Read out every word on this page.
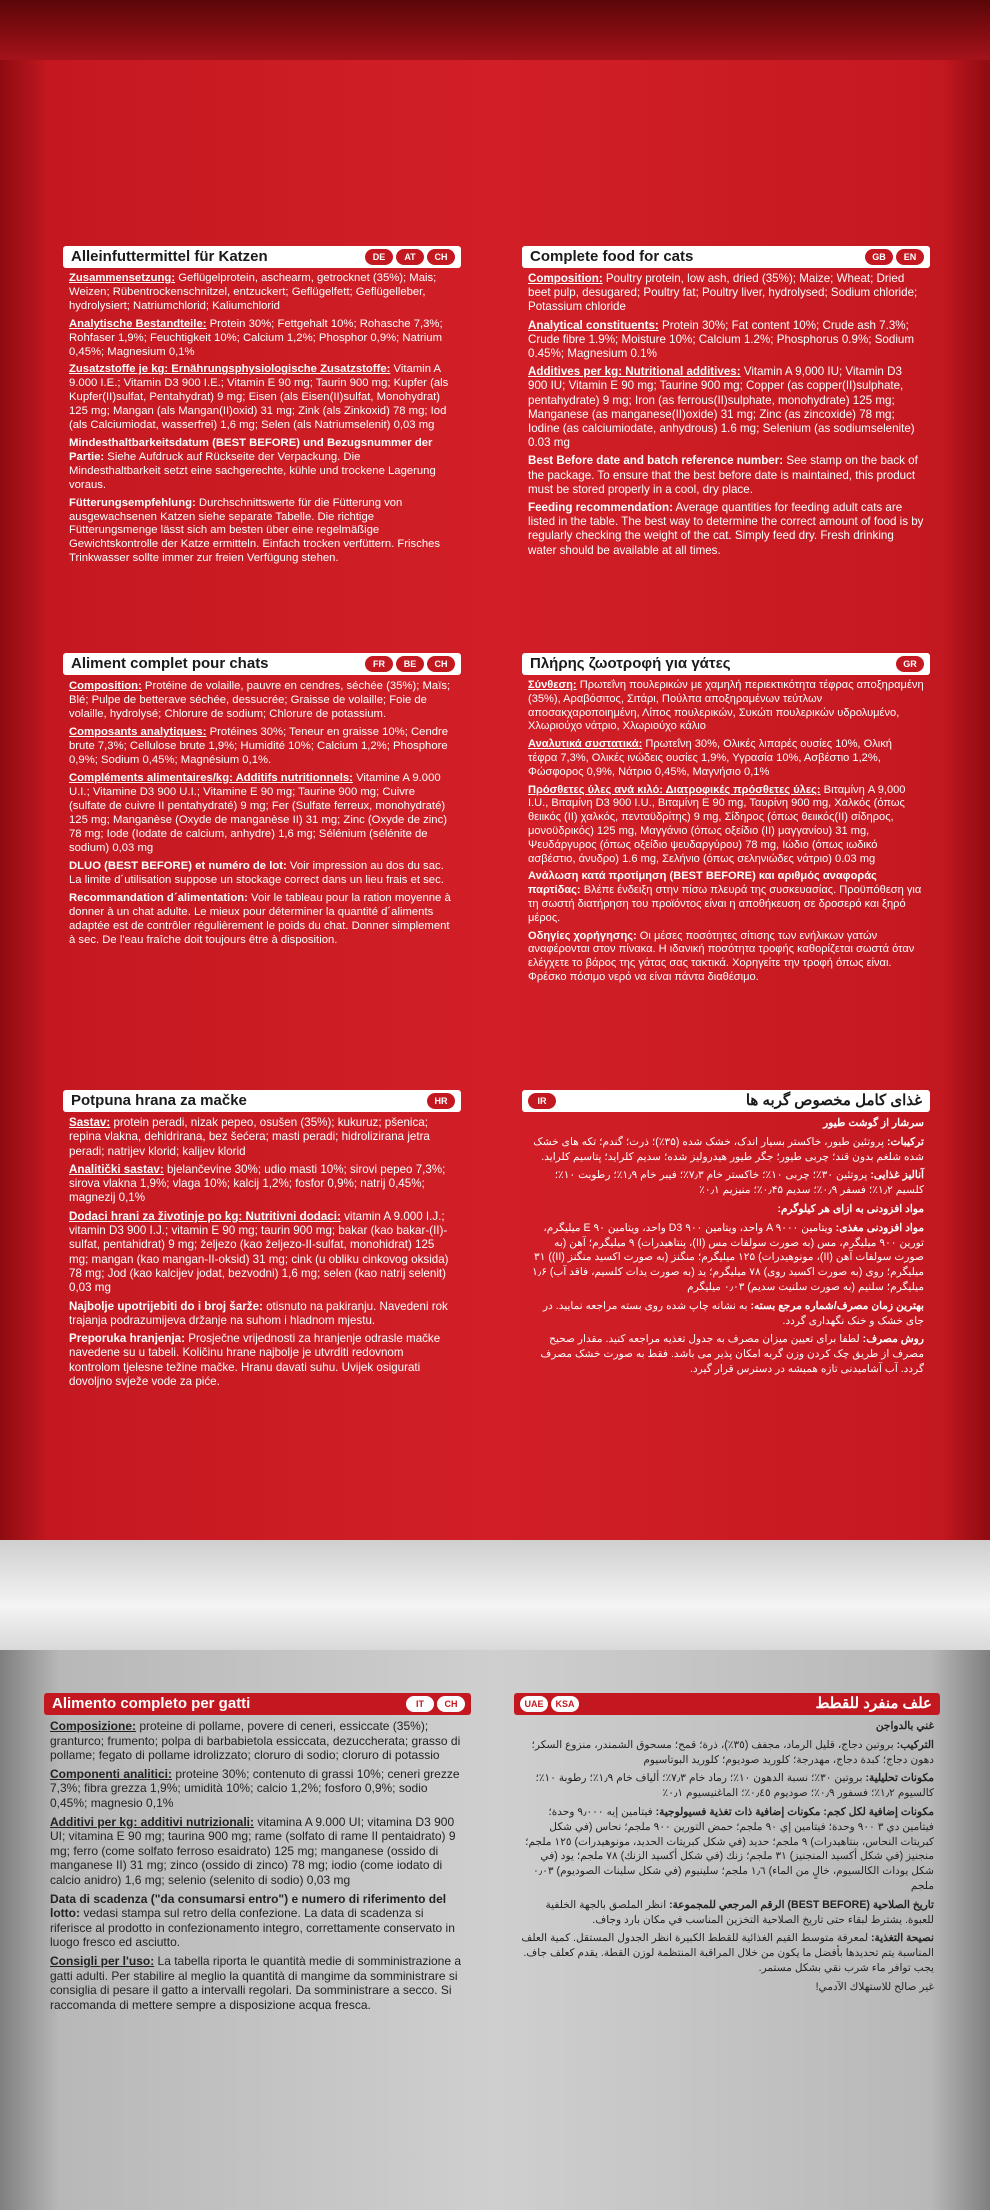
Alleinfuttermittel für Katzen	DE	AT	CH

Zusammensetzung: Geflügelprotein, aschearm, getrocknet (35%); Mais; Weizen; Rübentrockenschnitzel, entzuckert; Geflügelfett; Geflügelleber, hydrolysiert; Natriumchlorid; Kaliumchlorid

Analytische Bestandteile: Protein 30%; Fettgehalt 10%; Rohasche 7,3%; Rohfaser 1,9%; Feuchtigkeit 10%; Calcium 1,2%; Phosphor 0,9%; Natrium 0,45%; Magnesium 0,1%

Zusatzstoffe je kg: Ernährungsphysiologische Zusatzstoffe: Vitamin A 9.000 I.E.; Vitamin D3 900 I.E.; Vitamin E 90 mg; Taurin 900 mg; Kupfer (als Kupfer(II)sulfat, Pentahydrat) 9 mg; Eisen (als Eisen(II)sulfat, Monohydrat) 125 mg; Mangan (als Mangan(II)oxid) 31 mg; Zink (als Zinkoxid) 78 mg; Iod (als Calciumiodat, wasserfrei) 1,6 mg; Selen (als Natriumselenit) 0,03 mg

Mindesthaltbarkeitsdatum (BEST BEFORE) und Bezugsnummer der Partie: Siehe Aufdruck auf Rückseite der Verpackung. Die Mindesthaltbarkeit setzt eine sachgerechte, kühle und trockene Lagerung voraus.

Fütterungsempfehlung: Durchschnittswerte für die Fütterung von ausgewachsenen Katzen siehe separate Tabelle. Die richtige Fütterungsmenge lässt sich am besten über eine regelmäßige Gewichtskontrolle der Katze ermitteln. Einfach trocken verfüttern. Frisches Trinkwasser sollte immer zur freien Verfügung stehen.

Complete food for cats	GB	EN

Composition: Poultry protein, low ash, dried (35%); Maize; Wheat; Dried beet pulp, desugared; Poultry fat; Poultry liver, hydrolysed; Sodium chloride; Potassium chloride

Analytical constituents: Protein 30%; Fat content 10%; Crude ash 7.3%; Crude fibre 1.9%; Moisture 10%; Calcium 1.2%; Phosphorus 0.9%; Sodium 0.45%; Magnesium 0.1%

Additives per kg: Nutritional additives: Vitamin A 9,000 IU; Vitamin D3 900 IU; Vitamin E 90 mg; Taurine 900 mg; Copper (as copper(II)sulphate, pentahydrate) 9 mg; Iron (as ferrous(II)sulphate, monohydrate) 125 mg; Manganese (as manganese(II)oxide) 31 mg; Zinc (as zincoxide) 78 mg; Iodine (as calciumiodate, anhydrous) 1.6 mg; Selenium (as sodiumselenite) 0.03 mg

Best Before date and batch reference number: See stamp on the back of the package. To ensure that the best before date is maintained, this product must be stored properly in a cool, dry place.

Feeding recommendation: Average quantities for feeding adult cats are listed in the table. The best way to determine the correct amount of food is by regularly checking the weight of the cat. Simply feed dry. Fresh drinking water should be available at all times.

Aliment complet pour chats	FR	BE	CH

Composition: Protéine de volaille, pauvre en cendres, séchée (35%); Maïs; Blé; Pulpe de betterave séchée, dessucrée; Graisse de volaille; Foie de volaille, hydrolysé; Chlorure de sodium; Chlorure de potassium.

Composants analytiques: Protéines 30%; Teneur en graisse 10%; Cendre brute 7,3%; Cellulose brute 1,9%; Humidité 10%; Calcium 1,2%; Phosphore 0,9%; Sodium 0,45%; Magnésium 0,1%.

Compléments alimentaires/kg: Additifs nutritionnels: Vitamine A 9.000 U.I.; Vitamine D3 900 U.I.; Vitamine E 90 mg; Taurine 900 mg; Cuivre (sulfate de cuivre II pentahydraté) 9 mg; Fer (Sulfate ferreux, monohydraté) 125 mg; Manganèse (Oxyde de manganèse II) 31 mg; Zinc (Oxyde de zinc) 78 mg; Iode (Iodate de calcium, anhydre) 1,6 mg; Sélénium (sélénite de sodium) 0,03 mg

DLUO (BEST BEFORE) et numéro de lot: Voir impression au dos du sac. La limite d´utilisation suppose un stockage correct dans un lieu frais et sec.

Recommandation d´alimentation: Voir le tableau pour la ration moyenne à donner à un chat adulte. Le mieux pour déterminer la quantité d´aliments adaptée est de contrôler régulièrement le poids du chat. Donner simplement à sec. De l'eau fraîche doit toujours être à disposition.

Πλήρης ζωοτροφή για γάτες	GR

Σύνθεση: Πρωτεΐνη πουλερικών με χαμηλή περιεκτικότητα τέφρας αποξηραμένη (35%), Αραβόσιτος, Σιτάρι, Πούλπα αποξηραμένων τεύτλων αποσακχαροποιημένη, Λίπος πουλερικών, Συκώτι πουλερικών υδρολυμένο, Χλωριούχο νάτριο, Χλωριούχο κάλιο

Αναλυτικά συστατικά: Πρωτεΐνη 30%, Ολικές λιπαρές ουσίες 10%, Ολική τέφρα 7,3%, Ολικές ινώδεις ουσίες 1,9%, Υγρασία 10%, Ασβέστιο 1,2%, Φώσφορος 0,9%, Νάτριο 0,45%, Μαγνήσιο 0,1%

Πρόσθετες ύλες ανά κιλό: Διατροφικές πρόσθετες ύλες: Βιταμίνη A 9,000 I.U., Βιταμίνη D3 900 I.U., Βιταμίνη E 90 mg, Ταυρίνη 900 mg, Χαλκός (όπως θειικός (II) χαλκός, πενταϋδρίτης) 9 mg, Σίδηρος (όπως θειικός(II) σίδηρος, μονοϋδρικός) 125 mg, Μαγγάνιο (όπως οξείδιο (II) μαγγανίου) 31 mg, Ψευδάργυρος (όπως οξείδιο ψευδαργύρου) 78 mg, Ιώδιο (όπως ιωδικό ασβέστιο, άνυδρο) 1.6 mg, Σελήνιο (όπως σεληνιώδες νάτριο) 0.03 mg

Ανάλωση κατά προτίμηση (BEST BEFORE) και αριθμός αναφοράς παρτίδας: Βλέπε ένδειξη στην πίσω πλευρά της συσκευασίας. Προϋπόθεση για τη σωστή διατήρηση του προϊόντος είναι η αποθήκευση σε δροσερό και ξηρό μέρος.

Οδηγίες χορήγησης: Οι μέσες ποσότητες σίτισης των ενήλικων γατών αναφέρονται στον πίνακα. Η ιδανική ποσότητα τροφής καθορίζεται σωστά όταν ελέγχετε το βάρος της γάτας σας τακτικά. Χορηγείτε την τροφή όπως είναι. Φρέσκο πόσιμο νερό να είναι πάντα διαθέσιμο.

Potpuna hrana za mačke	HR

Sastav: protein peradi, nizak pepeo, osušen (35%); kukuruz; pšenica; repina vlakna, dehidrirana, bez šećera; masti peradi; hidrolizirana jetra peradi; natrijev klorid; kalijev klorid

Analitički sastav: bjelančevine 30%; udio masti 10%; sirovi pepeo 7,3%; sirova vlakna 1,9%; vlaga 10%; kalcij 1,2%; fosfor 0,9%; natrij 0,45%; magnezij 0,1%

Dodaci hrani za životinje po kg: Nutritivni dodaci: vitamin A 9.000 I.J.; vitamin D3 900 I.J.; vitamin E 90 mg; taurin 900 mg; bakar (kao bakar-(II)-sulfat, pentahidrat) 9 mg; željezo (kao željezo-II-sulfat, monohidrat) 125 mg; mangan (kao mangan-II-oksid) 31 mg; cink (u obliku cinkovog oksida) 78 mg; Jod (kao kalcijev jodat, bezvodni) 1,6 mg; selen (kao natrij selenit) 0,03 mg

Najbolje upotrijebiti do i broj šarže: otisnuto na pakiranju. Navedeni rok trajanja podrazumijeva držanje na suhom i hladnom mjestu.

Preporuka hranjenja: Prosječne vrijednosti za hranjenje odrasle mačke navedene su u tabeli. Količinu hrane najbolje je utvrditi redovnom kontrolom tjelesne težine mačke. Hranu davati suhu. Uvijek osigurati dovoljno svježe vode za piće.

غذای کامل مخصوص گربه ها
IR

سرشار از گوشت طیور

ترکیبات: پروتئین طیور، خاکستر بسیار اندک، خشک شده (۳۵٪)؛ ذرت؛ گندم؛ تکه های خشک شده شلغم بدون قند؛ چربی طیور؛ جگر طیور هیدرولیز شده؛ سدیم کلراید؛ پتاسیم کلراید.

آنالیز غذایی: پروتئین ۳۰٪؛ چربی ۱۰٪؛ خاکستر خام ۷٫۳٪؛ فیبر خام ۱٫۹٪؛ رطوبت ۱۰٪؛ کلسیم ۱٫۲٪؛ فسفر ۰٫۹٪؛ سدیم ۰٫۴۵٪؛ منیزیم ۰٫۱٪

مواد افزودنی به ازای هر کیلوگرم:

مواد افزودنی مغذی: ویتامین A ۹۰۰۰ واحد، ویتامین D3 ۹۰۰ واحد، ویتامین E ۹۰ میلیگرم، تورین ۹۰۰ میلیگرم، مس (به صورت سولفات مس (II)، پنتاهیدرات) ۹ میلیگرم؛ آهن (به صورت سولفات آهن (II)، مونوهیدرات) ۱۲۵ میلیگرم؛ منگنز (به صورت اکسید منگنز (II)) ۳۱ میلیگرم؛ روی (به صورت اکسید روی) ۷۸ میلیگرم؛ ید (به صورت یدات کلسیم، فاقد آب) ۱٫۶ میلیگرم؛ سلنیم (به صورت سلنیت سدیم) ۰٫۰۳ میلیگرم

بهترین زمان مصرف/شماره مرجع بسته: به نشانه چاپ شده روی بسته مراجعه نمایید. در جای خشک و خنک نگهداری گردد.

روش مصرف: لطفا برای تعیین میزان مصرف به جدول تغذیه مراجعه کنید. مقدار صحیح مصرف از طریق چک کردن وزن گربه امکان پذیر می باشد. فقط به صورت خشک مصرف گردد. آب آشامیدنی تازه همیشه در دسترس قرار گیرد.

Alimento completo per gatti	IT	CH

Composizione: proteine di pollame, povere di ceneri, essiccate (35%); granturco; frumento; polpa di barbabietola essiccata, dezuccherata; grasso di pollame; fegato di pollame idrolizzato; cloruro di sodio; cloruro di potassio

Componenti analitici: proteine 30%; contenuto di grassi 10%; ceneri grezze 7,3%; fibra grezza 1,9%; umidità 10%; calcio 1,2%; fosforo 0,9%; sodio 0,45%; magnesio 0,1%

Additivi per kg: additivi nutrizionali: vitamina A 9.000 UI; vitamina D3 900 UI; vitamina E 90 mg; taurina 900 mg; rame (solfato di rame II pentaidrato) 9 mg; ferro (come solfato ferroso esaidrato) 125 mg; manganese (ossido di manganese II) 31 mg; zinco (ossido di zinco) 78 mg; iodio (come iodato di calcio anidro) 1,6 mg; selenio (selenito di sodio) 0,03 mg

Data di scadenza ("da consumarsi entro") e numero di riferimento del lotto: vedasi stampa sul retro della confezione. La data di scadenza si riferisce al prodotto in confezionamento integro, correttamente conservato in luogo fresco ed asciutto.

Consigli per l'uso: La tabella riporta le quantità medie di somministrazione a gatti adulti. Per stabilire al meglio la quantità di mangime da somministrare si consiglia di pesare il gatto a intervalli regolari. Da somministrare a secco. Si raccomanda di mettere sempre a disposizione acqua fresca.

علف منفرد للقطط
KSA
UAE

غني بالدواجن

التركيب: بروتين دجاج، قليل الرماد، مجفف (٣٥٪)، ذرة؛ قمح؛ مسحوق الشمندر، منزوع السكر؛ دهون دجاج؛ كبدة دجاج، مهدرجة؛ كلوريد صوديوم؛ كلوريد البوتاسيوم

مكونات تحليلية: بروتين ٣٠٪؛ نسبة الدهون ١٠٪؛ رماد خام ٧٫٣٪؛ ألياف خام ١٫٩٪؛ رطوبة ١٠٪؛ كالسيوم ١٫٢٪؛ فسفور ٠٫٩٪؛ صوديوم ٠٫٤٥٪؛ الماغنيسيوم ٠٫١٪

مكونات إضافية لكل كجم: مكونات إضافية ذات تغذية فسيولوجية: فيتامين إيه ٩٫٠٠٠ وحدة؛ فيتامين دي ٣ ٩٠٠ وحدة؛ فيتامين إي ٩٠ ملجم؛ حمض التورين ٩٠٠ ملجم؛ نحاس (في شكل كبريتات النحاس، بنتاهيدرات) ٩ ملجم؛ حديد (في شكل كبريتات الحديد، مونوهيدرات) ١٢٥ ملجم؛ منجنيز (في شكل أكسيد المنجنيز) ٣١ ملجم؛ زنك (في شكل أكسيد الزنك) ٧٨ ملجم؛ يود (في شكل يودات الكالسيوم، خالٍ من الماء) ١٫٦ ملجم؛ سلينيوم (في شكل سلينات الصوديوم) ٠٫٠٣ ملجم

تاريخ الصلاحية (BEST BEFORE) الرقم المرجعي للمجموعة: انظر الملصق بالجهة الخلفية للعبوة. يشترط لبقاء حتى تاريخ الصلاحية التخزين المناسب في مكان بارد وجاف.

نصيحة التغذية: لمعرفة متوسط القيم الغذائية للقطط الكبيرة انظر الجدول المستقل. كمية العلف المناسبة يتم تحديدها بأفضل ما يكون من خلال المراقبة المنتظمة لوزن القطة. يقدم كعلف جاف. يجب توافر ماء شرب نقي بشكل مستمر.

غير صالح للاستهلاك الآدمي!
